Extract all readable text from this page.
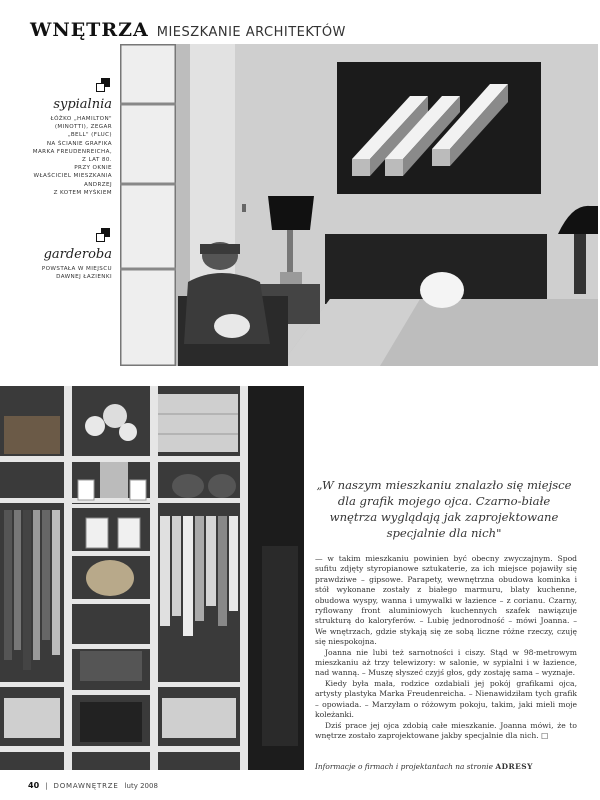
WNĘTRZA MIESZKANIE ARCHITEKTÓW
sypialnia
ŁÓŻKO „HAMILTON"
(MINOTTI), ZEGAR
„BELL" (FLUC)
NA ŚCIANIE GRAFIKA
MARKA FREUDENREICHA,
Z LAT 80.
PRZY OKNIE
WŁAŚCICIEL MIESZKANIA
ANDRZEJ
Z KOTEM MYŚKIEM
garderoba
POWSTAŁA W MIEJSCU
DAWNEJ ŁAZIENKI
„W naszym mieszkaniu znalazło się miejsce dla grafik mojego ojca. Czarno-białe wnętrza wyglądają jak zaprojektowane specjalnie dla nich"

— w takim mieszkaniu powinien być obecny zwyczajnym. Spod sufitu zdjęty styropianowe sztukaterie, za ich miejsce pojawiły się prawdziwe – gipsowe. Parapety, wewnętrzna obudowa kominka i stół wykonane zostały z białego marmuru, blaty kuchenne, obudowa wyspy, wanna i umywalki w łazience – z corianu. Czarny, ryflowany front aluminiowych kuchennych szafek nawiązuje strukturą do kaloryferów. – Lubię jednorodność – mówi Joanna. – We wnętrzach, gdzie stykają się ze sobą liczne różne rzeczy, czuję się niespokojna.

Joanna nie lubi też sarnotności i ciszy. Stąd w 98-metrowym mieszkaniu aż trzy telewizory: w salonie, w sypialni i w łazience, nad wanną. – Muszę słyszeć czyjś głos, gdy zostaję sama – wyznaje.

Kiedy była mała, rodzice ozdabiali jej pokój grafikami ojca, artysty plastyka Marka Freudenreicha. – Nienawidziłam tych grafik – opowiada. – Marzyłam o różowym pokoju, takim, jaki mieli moje koleżanki.

Dziś prace jej ojca zdobią całe mieszkanie. Joanna mówi, że to wnętrze zostało zaprojektowane jakby specjalnie dla nich. □

Informacje o firmach i projektantach na stronie ADRESY
40 | DOMAWNĘTRZE luty 2008
